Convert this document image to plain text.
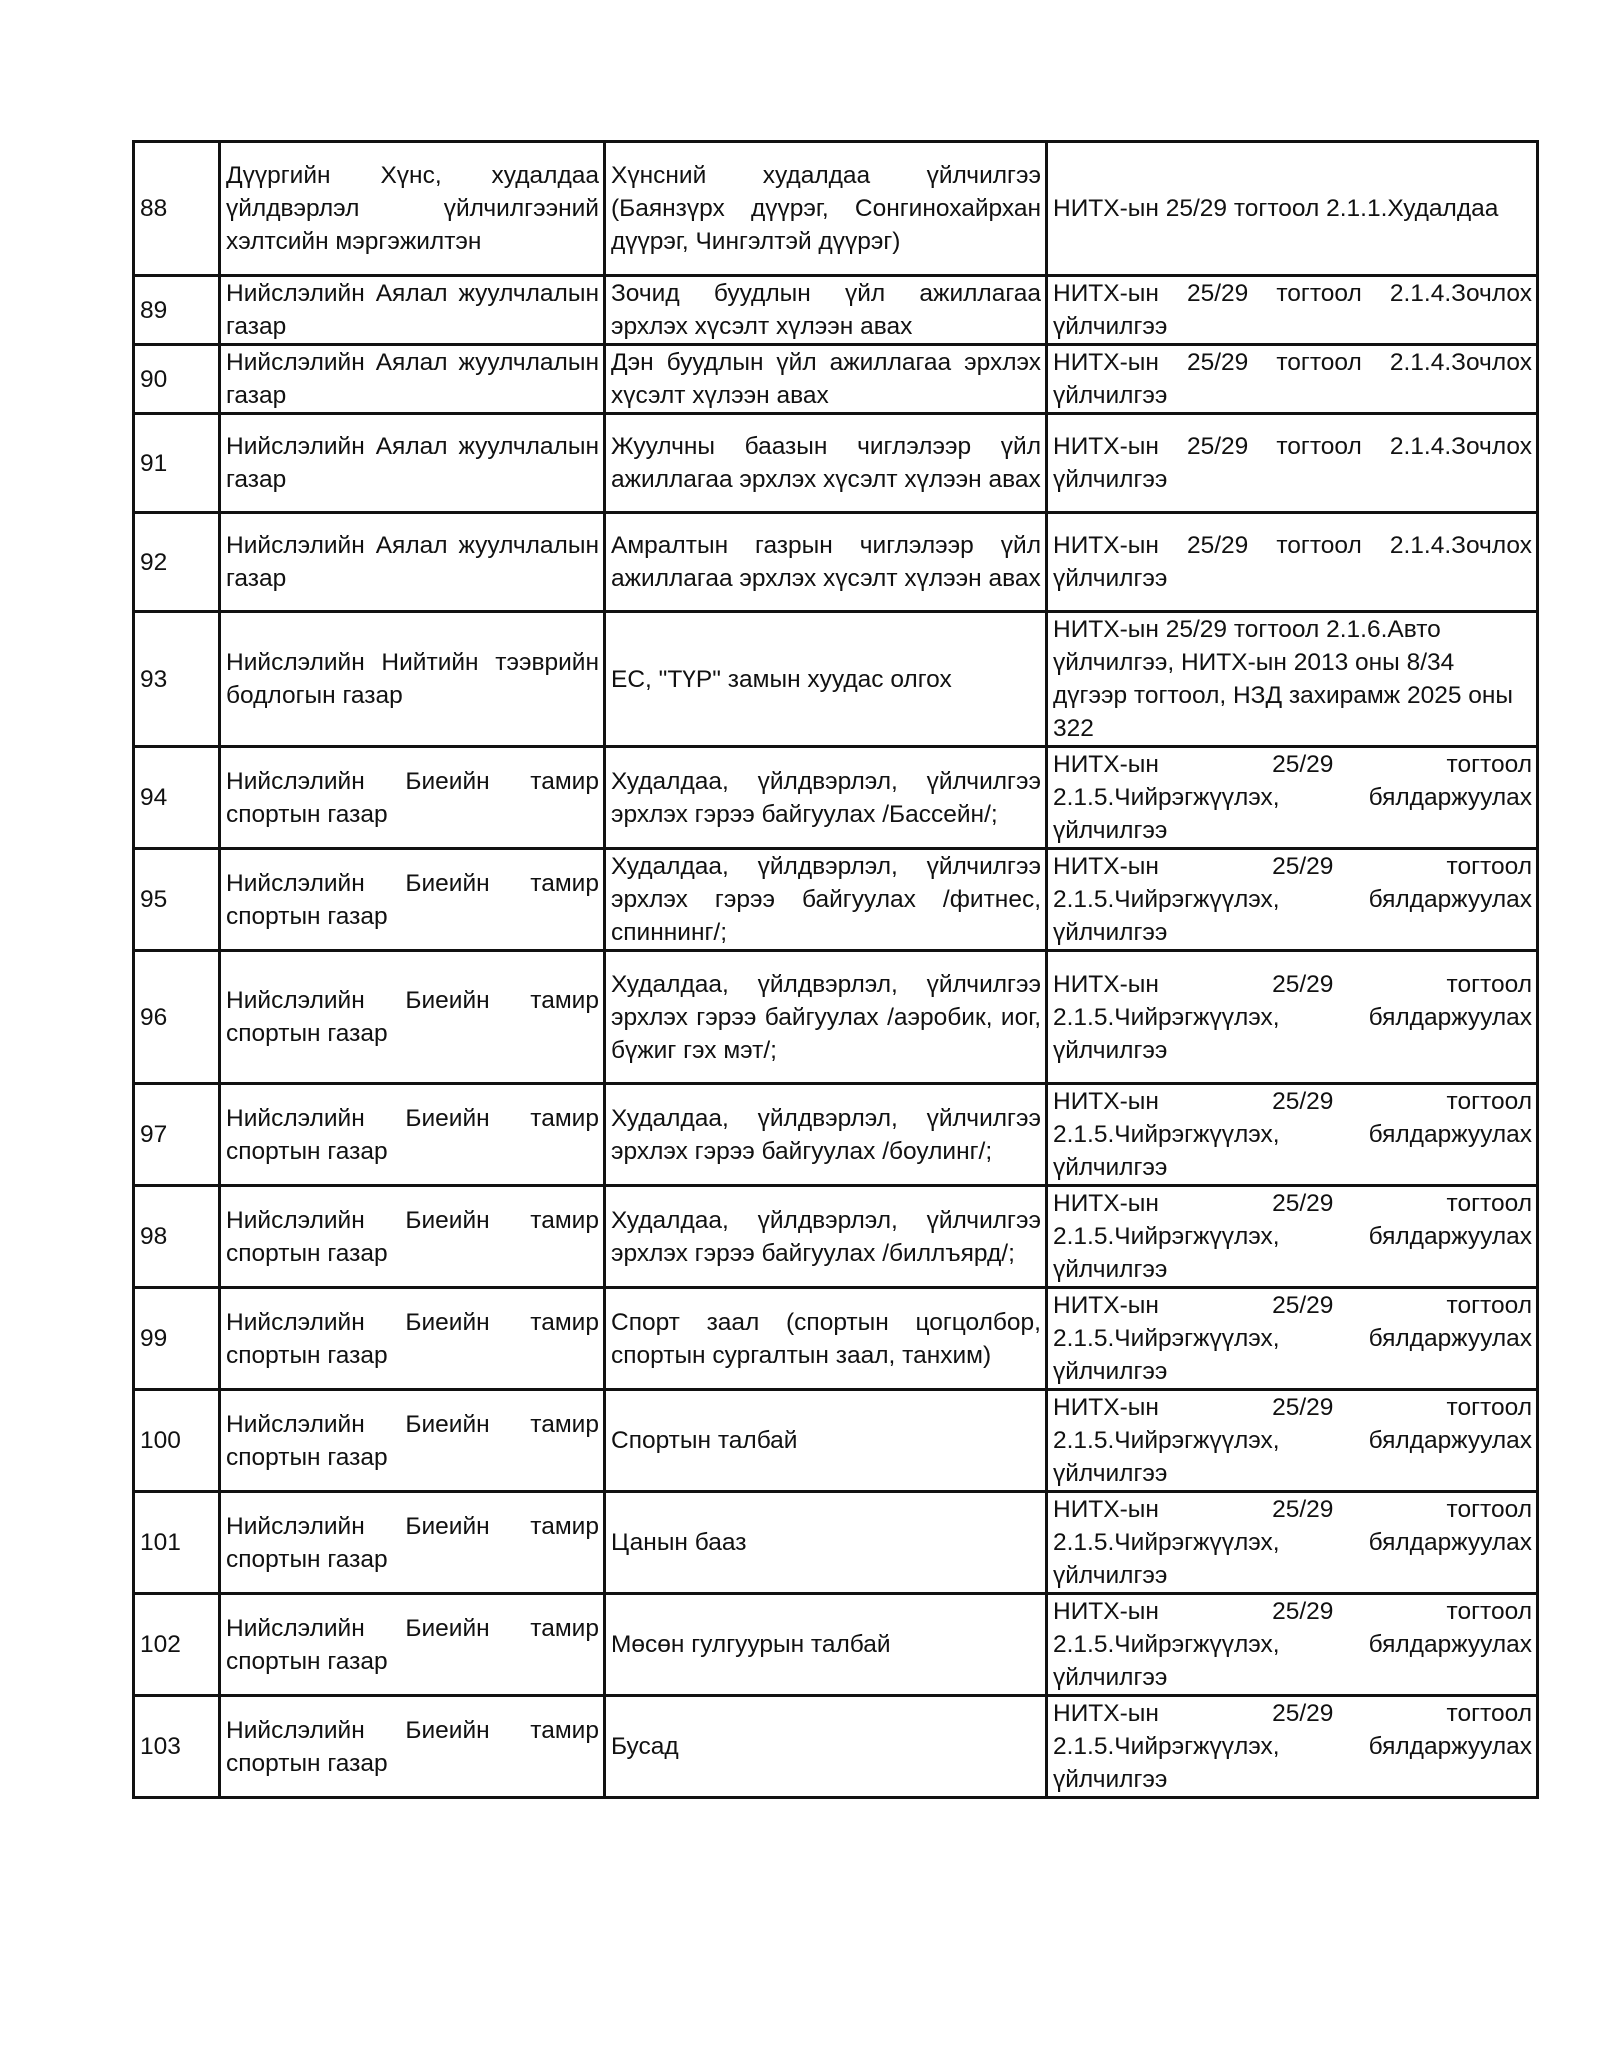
88	Дүүргийн Хүнс, худалдаа үйлдвэрлэл үйлчилгээний хэлтсийн мэргэжилтэн	Хүнсний худалдаа үйлчилгээ (Баянзүрх дүүрэг, Сонгинохайрхан дүүрэг, Чингэлтэй дүүрэг)	НИТХ-ын 25/29 тогтоол 2.1.1.Худалдаа
89	Нийслэлийн Аялал жуулчлалын газар	Зочид буудлын үйл ажиллагаа эрхлэх хүсэлт хүлээн авах	НИТХ-ын 25/29 тогтоол 2.1.4.Зочлох үйлчилгээ
90	Нийслэлийн Аялал жуулчлалын газар	Дэн буудлын үйл ажиллагаа эрхлэх хүсэлт хүлээн авах	НИТХ-ын 25/29 тогтоол 2.1.4.Зочлох үйлчилгээ
91	Нийслэлийн Аялал жуулчлалын газар	Жуулчны баазын чиглэлээр үйл ажиллагаа эрхлэх хүсэлт хүлээн авах	НИТХ-ын 25/29 тогтоол 2.1.4.Зочлох үйлчилгээ
92	Нийслэлийн Аялал жуулчлалын газар	Амралтын газрын чиглэлээр үйл ажиллагаа эрхлэх хүсэлт хүлээн авах	НИТХ-ын 25/29 тогтоол 2.1.4.Зочлох үйлчилгээ
93	Нийслэлийн Нийтийн тээврийн бодлогын газар	ЕС, "ТҮР" замын хуудас олгох	НИТХ-ын 25/29 тогтоол 2.1.6.Авто үйлчилгээ, НИТХ-ын 2013 оны 8/34 дүгээр тогтоол, НЗД захирамж 2025 оны 322
94	Нийслэлийн Биеийн тамир спортын газар	Худалдаа, үйлдвэрлэл, үйлчилгээ эрхлэх гэрээ байгуулах /Бассейн/;	НИТХ-ын 25/29 тогтоол 2.1.5.Чийрэгжүүлэх, бялдаржуулах үйлчилгээ
95	Нийслэлийн Биеийн тамир спортын газар	Худалдаа, үйлдвэрлэл, үйлчилгээ эрхлэх гэрээ байгуулах /фитнес, спиннинг/;	НИТХ-ын 25/29 тогтоол 2.1.5.Чийрэгжүүлэх, бялдаржуулах үйлчилгээ
96	Нийслэлийн Биеийн тамир спортын газар	Худалдаа, үйлдвэрлэл, үйлчилгээ эрхлэх гэрээ байгуулах /аэробик, иог, бүжиг гэх мэт/;	НИТХ-ын 25/29 тогтоол 2.1.5.Чийрэгжүүлэх, бялдаржуулах үйлчилгээ
97	Нийслэлийн Биеийн тамир спортын газар	Худалдаа, үйлдвэрлэл, үйлчилгээ эрхлэх гэрээ байгуулах /боулинг/;	НИТХ-ын 25/29 тогтоол 2.1.5.Чийрэгжүүлэх, бялдаржуулах үйлчилгээ
98	Нийслэлийн Биеийн тамир спортын газар	Худалдаа, үйлдвэрлэл, үйлчилгээ эрхлэх гэрээ байгуулах /биллъярд/;	НИТХ-ын 25/29 тогтоол 2.1.5.Чийрэгжүүлэх, бялдаржуулах үйлчилгээ
99	Нийслэлийн Биеийн тамир спортын газар	Спорт заал (спортын цогцолбор, спортын сургалтын заал, танхим)	НИТХ-ын 25/29 тогтоол 2.1.5.Чийрэгжүүлэх, бялдаржуулах үйлчилгээ
100	Нийслэлийн Биеийн тамир спортын газар	Спортын талбай	НИТХ-ын 25/29 тогтоол 2.1.5.Чийрэгжүүлэх, бялдаржуулах үйлчилгээ
101	Нийслэлийн Биеийн тамир спортын газар	Цанын бааз	НИТХ-ын 25/29 тогтоол 2.1.5.Чийрэгжүүлэх, бялдаржуулах үйлчилгээ
102	Нийслэлийн Биеийн тамир спортын газар	Мөсөн гулгуурын талбай	НИТХ-ын 25/29 тогтоол 2.1.5.Чийрэгжүүлэх, бялдаржуулах үйлчилгээ
103	Нийслэлийн Биеийн тамир спортын газар	Бусад	НИТХ-ын 25/29 тогтоол 2.1.5.Чийрэгжүүлэх, бялдаржуулах үйлчилгээ
